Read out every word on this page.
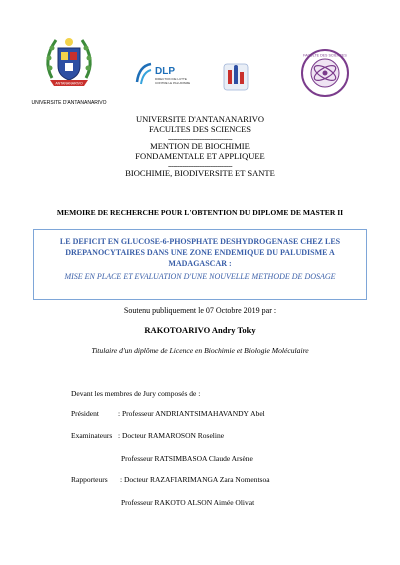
ANTANANARIVO
UNIVERSITE D'ANTANANARIVO
DLP
DIRECTION DE LUTTE
CONTRE LE PALUDISME
FACULTE DES SCIENCES
UNIVERSITE D'ANTANANARIVO
FACULTES DES SCIENCES
-----------------------------------
MENTION DE BIOCHIMIE
FONDAMENTALE ET APPLIQUEE
-----------------------------------
BIOCHIMIE, BIODIVERSITE ET SANTE
MEMOIRE DE RECHERCHE POUR L'OBTENTION DU DIPLOME DE MASTER II
LE DEFICIT EN GLUCOSE-6-PHOSPHATE DESHYDROGENASE CHEZ LES
DREPANOCYTAIRES DANS UNE ZONE ENDEMIQUE DU PALUDISME A
MADAGASCAR :
MISE EN PLACE ET EVALUATION D'UNE NOUVELLE METHODE DE DOSAGE
Soutenu publiquement le 07 Octobre 2019 par :
RAKOTOARIVO Andry Toky
Titulaire d'un diplôme de Licence en Biochimie et Biologie Moléculaire
Devant les membres de Jury composés de :
Président	: Professeur ANDRIANTSIMAHAVANDY Abel
Examinateurs : Docteur RAMAROSON Roseline
Professeur RATSIMBASOA Claude Arsène
Rapporteurs : Docteur RAZAFIARIMANGA Zara Nomentsoa
Professeur RAKOTO ALSON Aimée Olivat
